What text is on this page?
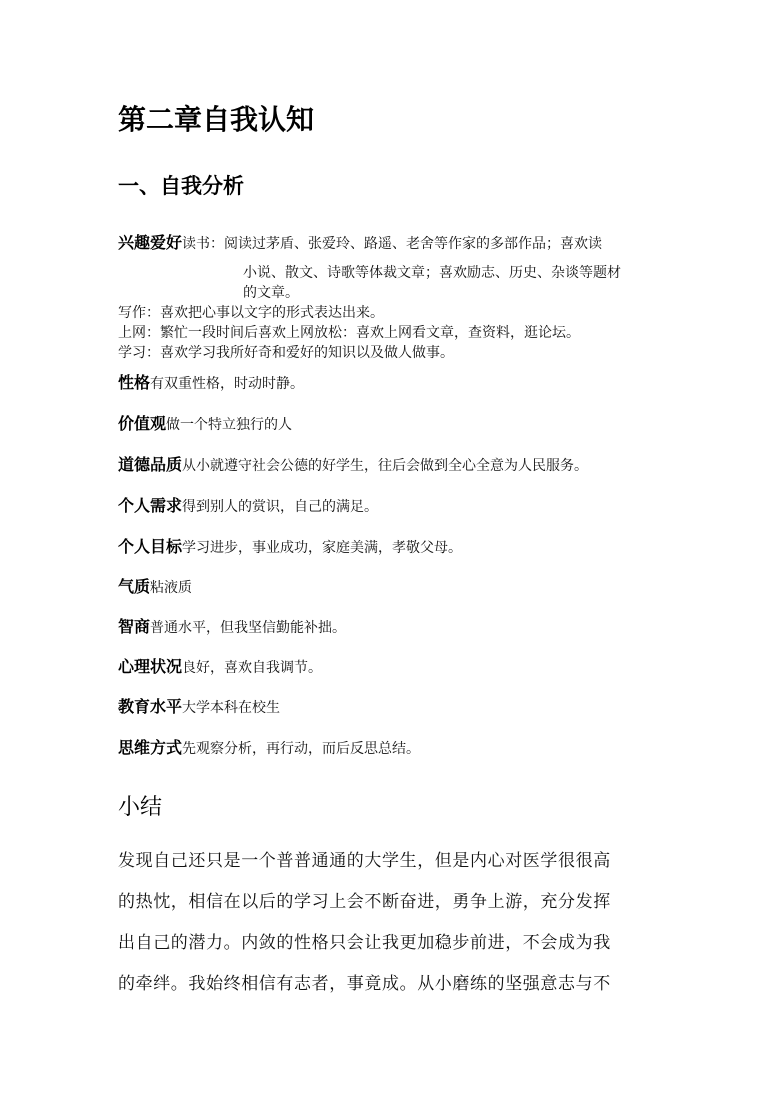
第二章自我认知
一、自我分析
兴趣爱好读书：阅读过茅盾、张爱玲、路遥、老舍等作家的多部作品；喜欢读
小说、散文、诗歌等体裁文章；喜欢励志、历史、杂谈等题材
的文章。
写作：喜欢把心事以文字的形式表达出来。
上网：繁忙一段时间后喜欢上网放松：喜欢上网看文章，查资料，逛论坛。
学习：喜欢学习我所好奇和爱好的知识以及做人做事。
性格有双重性格，时动时静。
价值观做一个特立独行的人
道德品质从小就遵守社会公德的好学生，往后会做到全心全意为人民服务。
个人需求得到别人的赏识，自己的满足。
个人目标学习进步，事业成功，家庭美满，孝敬父母。
气质粘液质
智商普通水平，但我坚信勤能补拙。
心理状况良好，喜欢自我调节。
教育水平大学本科在校生
思维方式先观察分析，再行动，而后反思总结。
小结
发现自己还只是一个普普通通的大学生，但是内心对医学很很高
的热忱，相信在以后的学习上会不断奋进，勇争上游，充分发挥
出自己的潜力。内敛的性格只会让我更加稳步前进，不会成为我
的牵绊。我始终相信有志者，事竟成。从小磨练的坚强意志与不
